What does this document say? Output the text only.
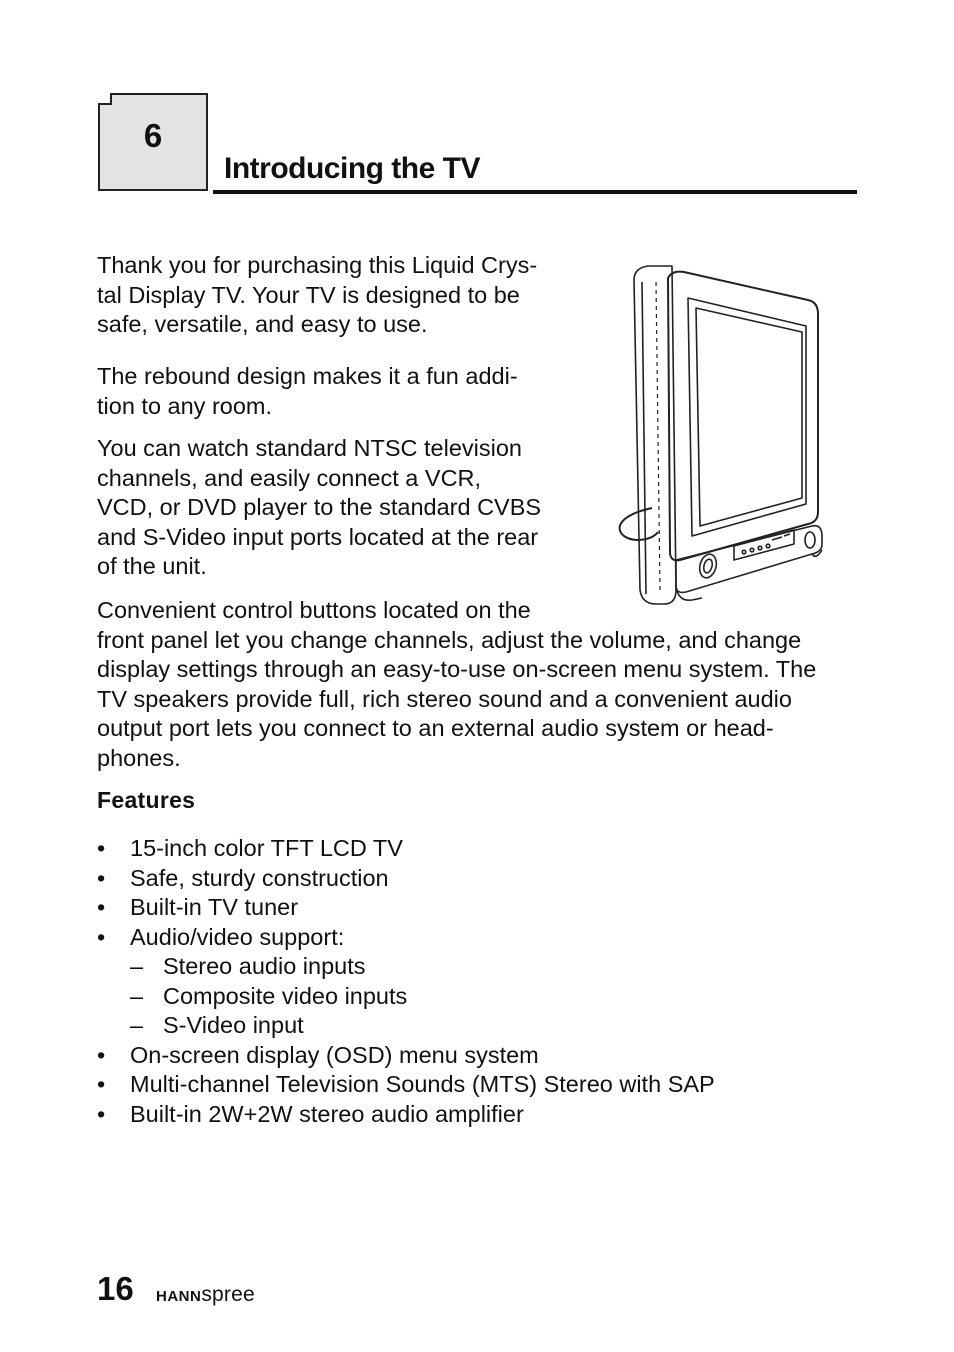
6
Introducing the TV

Thank you for purchasing this Liquid Crys-
tal Display TV. Your TV is designed to be
safe, versatile, and easy to use.

The rebound design makes it a fun addi-
tion to any room.

You can watch standard NTSC television
channels, and easily connect a VCR,
VCD, or DVD player to the standard CVBS
and S-Video input ports located at the rear
of the unit.

Convenient control buttons located on the
front panel let you change channels, adjust the volume, and change
display settings through an easy-to-use on-screen menu system. The
TV speakers provide full, rich stereo sound and a convenient audio
output port lets you connect to an external audio system or head-
phones.

Features
• 15-inch color TFT LCD TV
• Safe, sturdy construction
• Built-in TV tuner
• Audio/video support:
– Stereo audio inputs
– Composite video inputs
– S-Video input
• On-screen display (OSD) menu system
• Multi-channel Television Sounds (MTS) Stereo with SAP
• Built-in 2W+2W stereo audio amplifier
16 HANNspree
